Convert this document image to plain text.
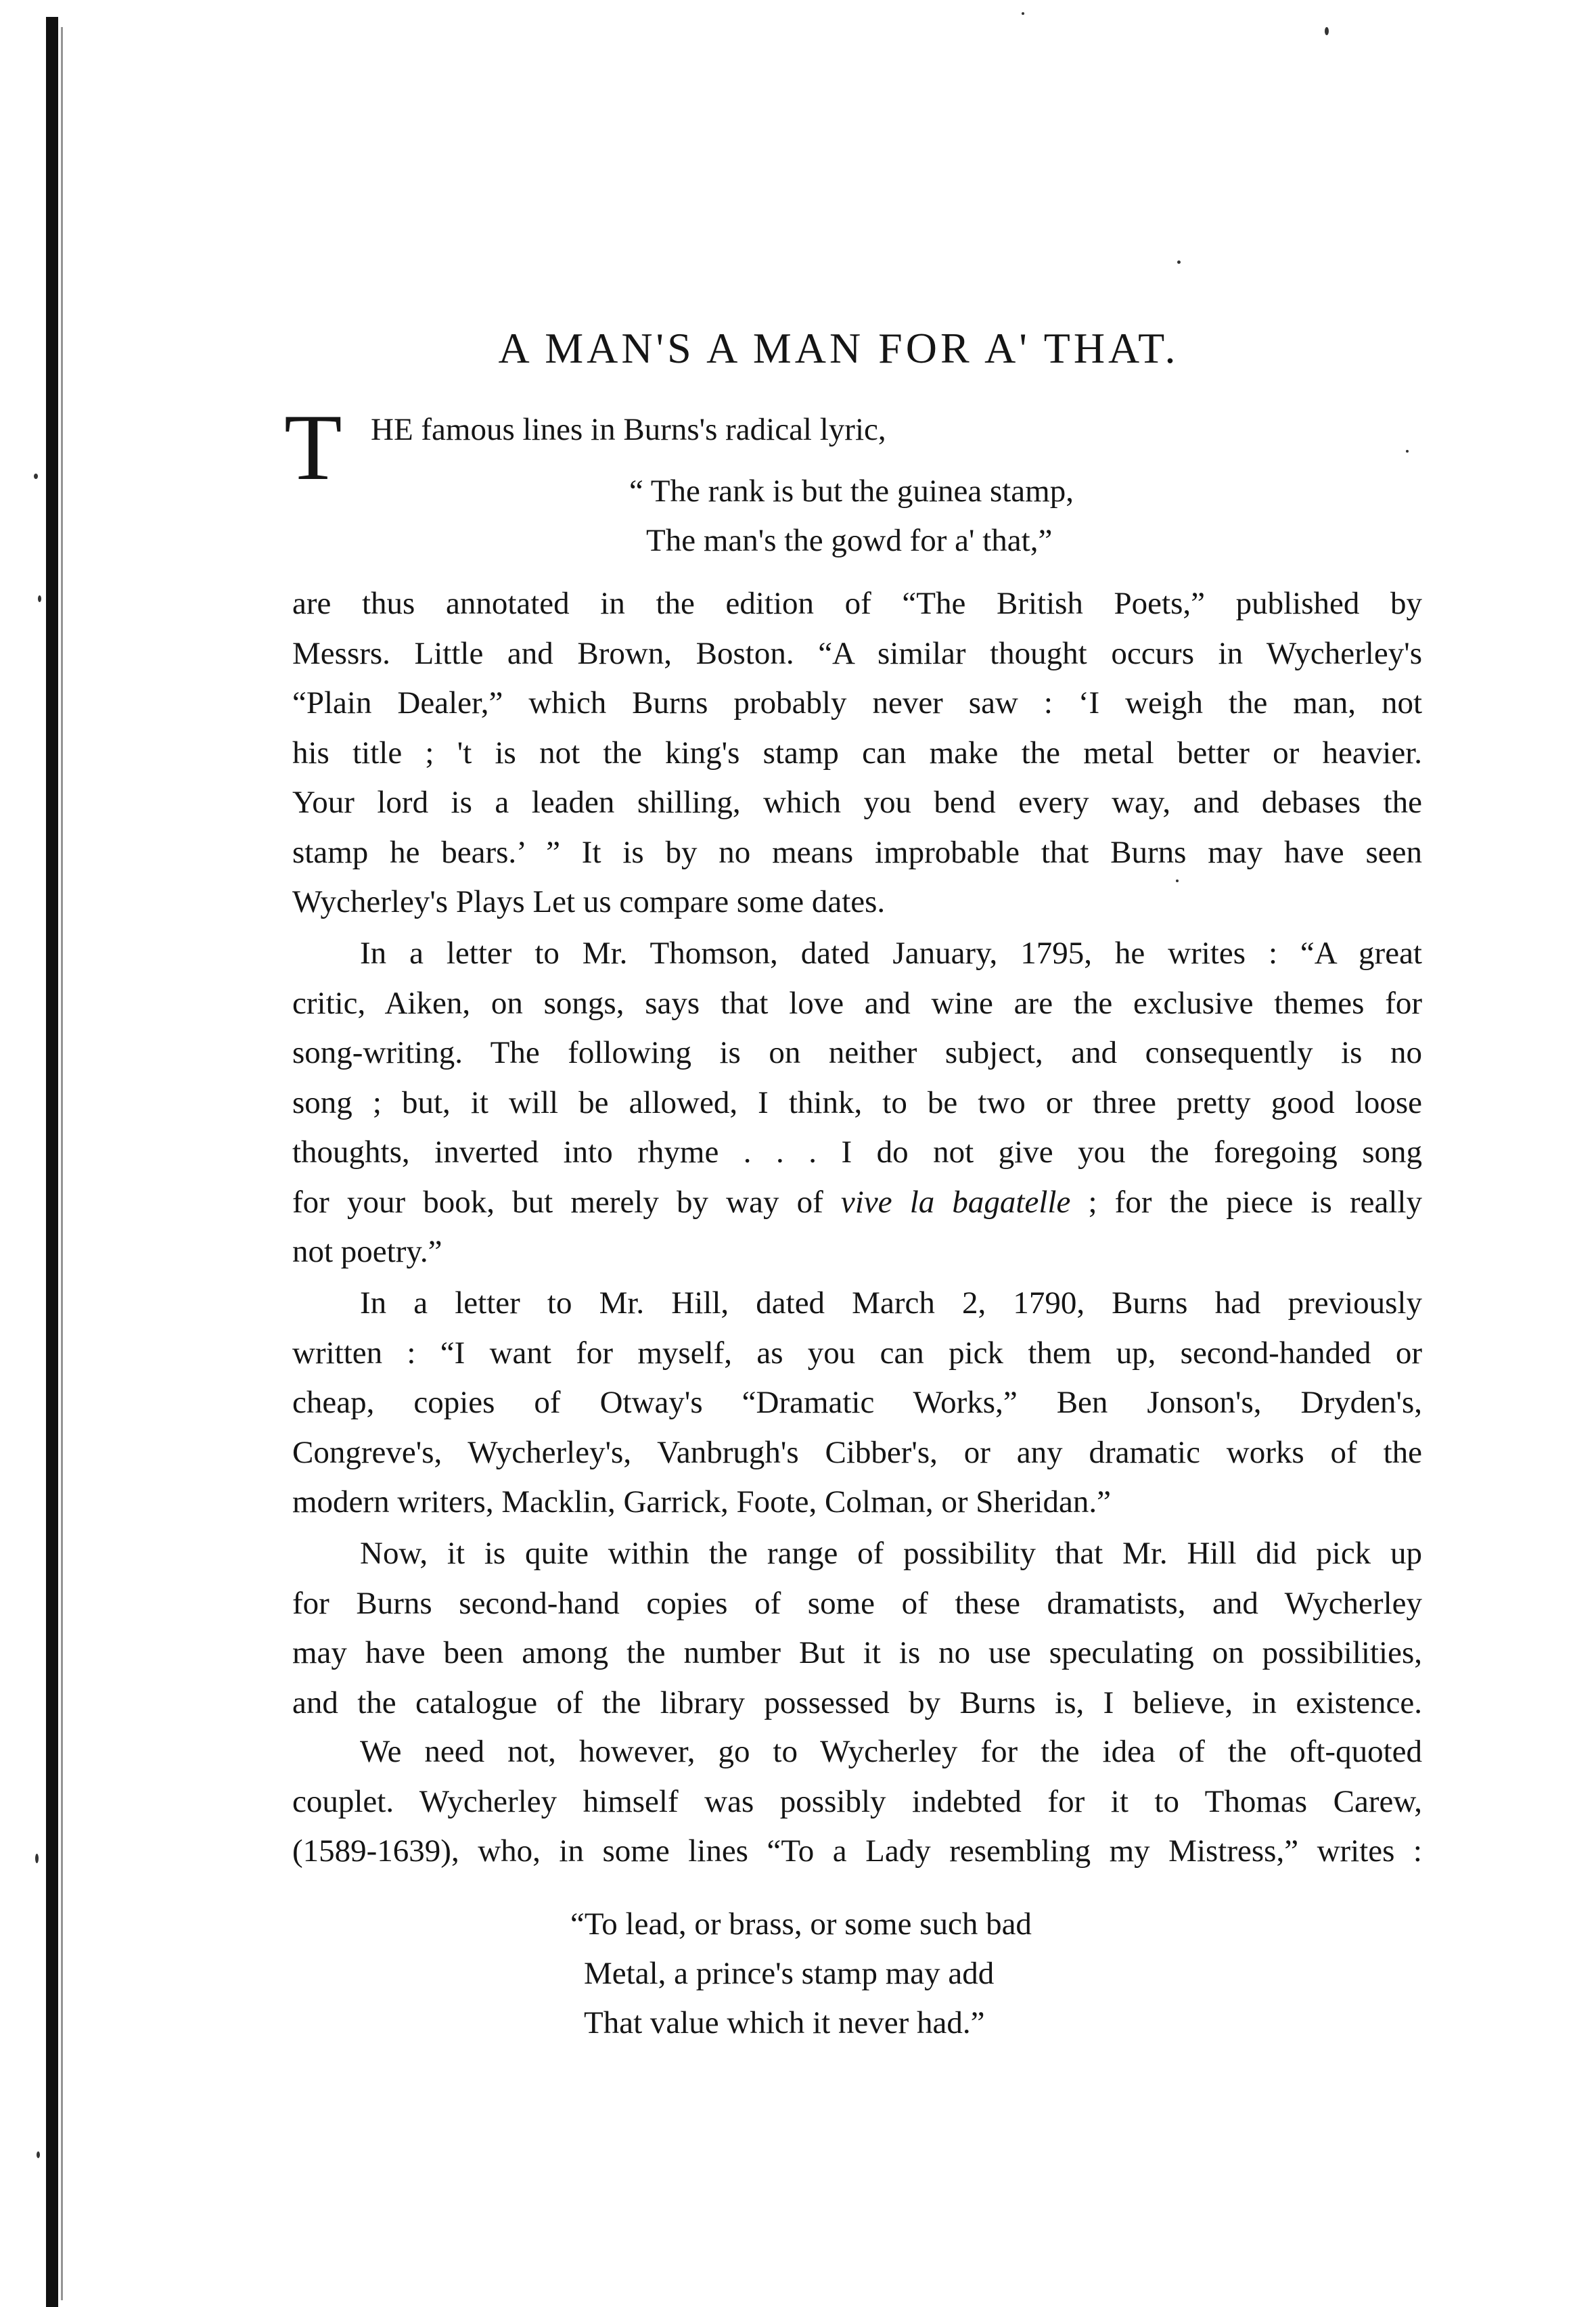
A MAN'S A MAN FOR A' THAT.
T HE famous lines in Burns's radical lyric,
“ The rank is but the guinea stamp,
The man's the gowd for a' that,”
are thus annotated in the edition of “The British Poets,” published by
Messrs. Little and Brown, Boston. “A similar thought occurs in Wycherley's
“Plain Dealer,” which Burns probably never saw : ‘I weigh the man, not
his title ; 't is not the king's stamp can make the metal better or heavier.
Your lord is a leaden shilling, which you bend every way, and debases the
stamp he bears.’ ” It is by no means improbable that Burns may have seen
Wycherley's Plays Let us compare some dates.
In a letter to Mr. Thomson, dated January, 1795, he writes : “A great
critic, Aiken, on songs, says that love and wine are the exclusive themes for
song-writing. The following is on neither subject, and consequently is no
song ; but, it will be allowed, I think, to be two or three pretty good loose
thoughts, inverted into rhyme . . . I do not give you the foregoing song
for your book, but merely by way of vive la bagatelle ; for the piece is really
not poetry.”
In a letter to Mr. Hill, dated March 2, 1790, Burns had previously
written : “I want for myself, as you can pick them up, second-handed or
cheap, copies of Otway's “Dramatic Works,” Ben Jonson's, Dryden's,
Congreve's, Wycherley's, Vanbrugh's Cibber's, or any dramatic works of the
modern writers, Macklin, Garrick, Foote, Colman, or Sheridan.”
Now, it is quite within the range of possibility that Mr. Hill did pick up
for Burns second-hand copies of some of these dramatists, and Wycherley
may have been among the number But it is no use speculating on possibilities,
and the catalogue of the library possessed by Burns is, I believe, in existence.
We need not, however, go to Wycherley for the idea of the oft-quoted
couplet. Wycherley himself was possibly indebted for it to Thomas Carew,
(1589-1639), who, in some lines “To a Lady resembling my Mistress,” writes :
“To lead, or brass, or some such bad
Metal, a prince's stamp may add
That value which it never had.”
